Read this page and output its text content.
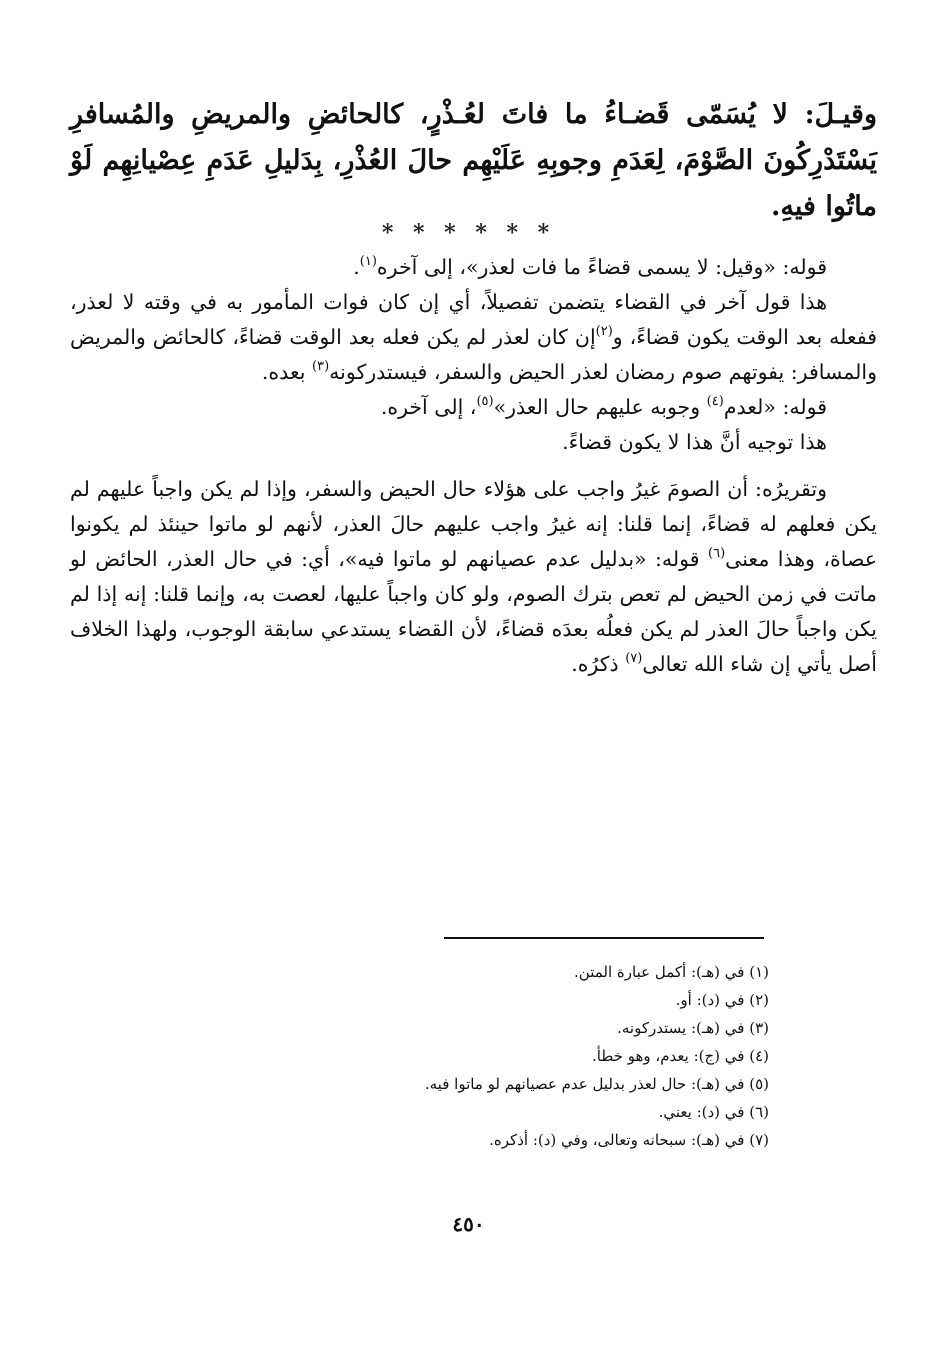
وقيـلَ: لا يُسَمّى قَضـاءُ ما فاتَ لعُـذْرٍ، كالحائضِ والمريضِ والمُسافرِ يَسْتَدْرِكُونَ الصَّوْمَ، لِعَدَمِ وجوبِهِ عَلَيْهِم حالَ العُذْرِ، بِدَليلِ عَدَمِ عِصْيانِهِم لَوْ ماتُوا فيهِ.
* * * * * *

قوله: «وقيل: لا يسمى قضاءً ما فات لعذر»، إلى آخره$^{(١)}$.

هذا قول آخر في القضاء يتضمن تفصيلاً، أي إن كان فوات المأمور به في وقته لا لعذر، ففعله بعد الوقت يكون قضاءً، و$^{(٢)}$إن كان لعذر لم يكن فعله بعد الوقت قضاءً، كالحائض والمريض والمسافر: يفوتهم صوم رمضان لعذر الحيض والسفر، فيستدركونه$^{(٣)}$ بعده.

قوله: «لعدم$^{(٤)}$ وجوبه عليهم حال العذر»$^{(٥)}$، إلى آخره.

هذا توجيه أنَّ هذا لا يكون قضاءً.

وتقريرُه: أن الصومَ غيرُ واجب على هؤلاء حال الحيض والسفر، وإذا لم يكن واجباً عليهم لم يكن فعلهم له قضاءً، إنما قلنا: إنه غيرُ واجب عليهم حالَ العذر، لأنهم لو ماتوا حينئذ لم يكونوا عصاة، وهذا معنى$^{(٦)}$ قوله: «بدليل عدم عصيانهم لو ماتوا فيه»، أي: في حال العذر، الحائض لو ماتت في زمن الحيض لم تعص بترك الصوم، ولو كان واجباً عليها، لعصت به، وإنما قلنا: إنه إذا لم يكن واجباً حالَ العذر لم يكن فعلُه بعدَه قضاءً، لأن القضاء يستدعي سابقة الوجوب، ولهذا الخلاف أصل يأتي إن شاء الله تعالى$^{(٧)}$ ذكرُه.

(١) في (هـ): أكمل عبارة المتن.
(٢) في (د): أو.
(٣) في (هـ): يستدركونه.
(٤) في (ج): يعدم، وهو خطأ.
(٥) في (هـ): حال لعذر بدليل عدم عصيانهم لو ماتوا فيه.
(٦) في (د): يعني.
(٧) في (هـ): سبحانه وتعالى، وفي (د): أذكره.
٤٥٠
